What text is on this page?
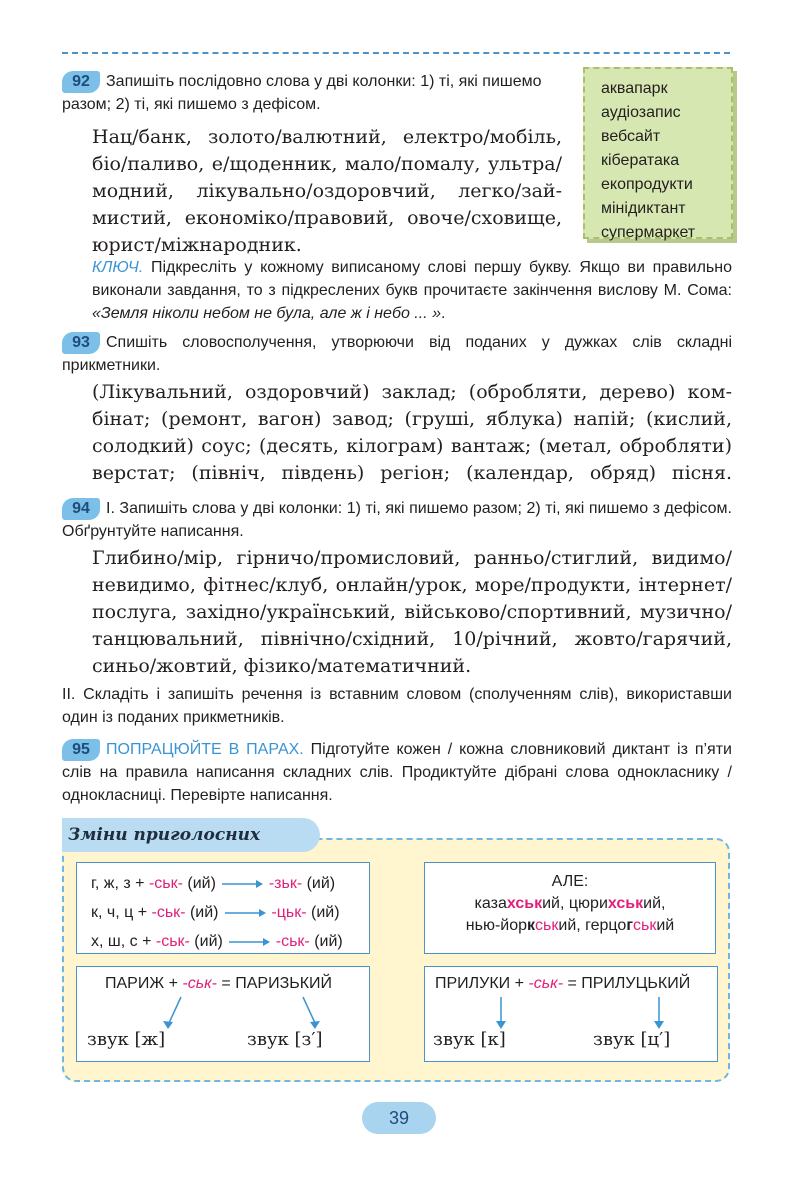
92 Запишіть послідовно слова у дві колонки: 1) ті, які пишемо разом; 2) ті, які пишемо з дефісом.
Нац/банк, золото/валютний, електро/мобіль,
біо/паливо, е/щоденник, мало/помалу, ультра/
модний, лікувально/оздоровчий, легко/зай-
мистий, економіко/правовий, овоче/сховище,
юрист/міжнародник.
аквапарк
аудіозапис
вебсайт
кібератака
екопродукти
мінідиктант
супермаркет
КЛЮЧ. Підкресліть у кожному виписаному слові першу букву. Якщо ви правильно виконали завдання, то з підкреслених букв прочитаєте закінчення вислову М. Сома: «Земля ніколи небом не була, але ж і небо ... ».
93 Спишіть словосполучення, утворюючи від поданих у дужках слів складні прикметники.
(Лікувальний, оздоровчий) заклад; (обробляти, дерево) ком-
бінат; (ремонт, вагон) завод; (груші, яблука) напій; (кислий,
солодкий) соус; (десять, кілограм) вантаж; (метал, обробляти)
верстат; (північ, південь) регіон; (календар, обряд) пісня.
94 І. Запишіть слова у дві колонки: 1) ті, які пишемо разом; 2) ті, які пишемо з дефісом. Обґрунтуйте написання.
Глибино/мір, гірничо/промисловий, ранньо/стиглий, видимо/
невидимо, фітнес/клуб, онлайн/урок, море/продукти, інтернет/
послуга, західно/український, військово/спортивний, музично/
танцювальний, північно/східний, 10/річний, жовто/гарячий,
синьо/жовтий, фізико/математичний.
ІІ. Складіть і запишіть речення із вставним словом (сполученням слів), використавши один із поданих прикметників.
95 ПОПРАЦЮЙТЕ В ПАРАХ. Підготуйте кожен / кожна словниковий диктант із п’яти слів на правила написання складних слів. Продиктуйте дібрані слова однокласнику / однокласниці. Перевірте написання.
Зміни приголосних
г, ж, з + -ськ- (ий)	-зьк- (ий)
к, ч, ц + -ськ- (ий)	-цьк- (ий)
х, ш, с + -ськ- (ий)	-ськ- (ий)
АЛЕ:
казахський, цюрихський,
нью-йоркський, герцогський
ПАРИЖ + -ськ- = ПАРИЗЬКИЙ
звук [ж]	звук [з′]
ПРИЛУКИ + -ськ- = ПРИЛУЦЬКИЙ
звук [к]	звук [ц′]
39
